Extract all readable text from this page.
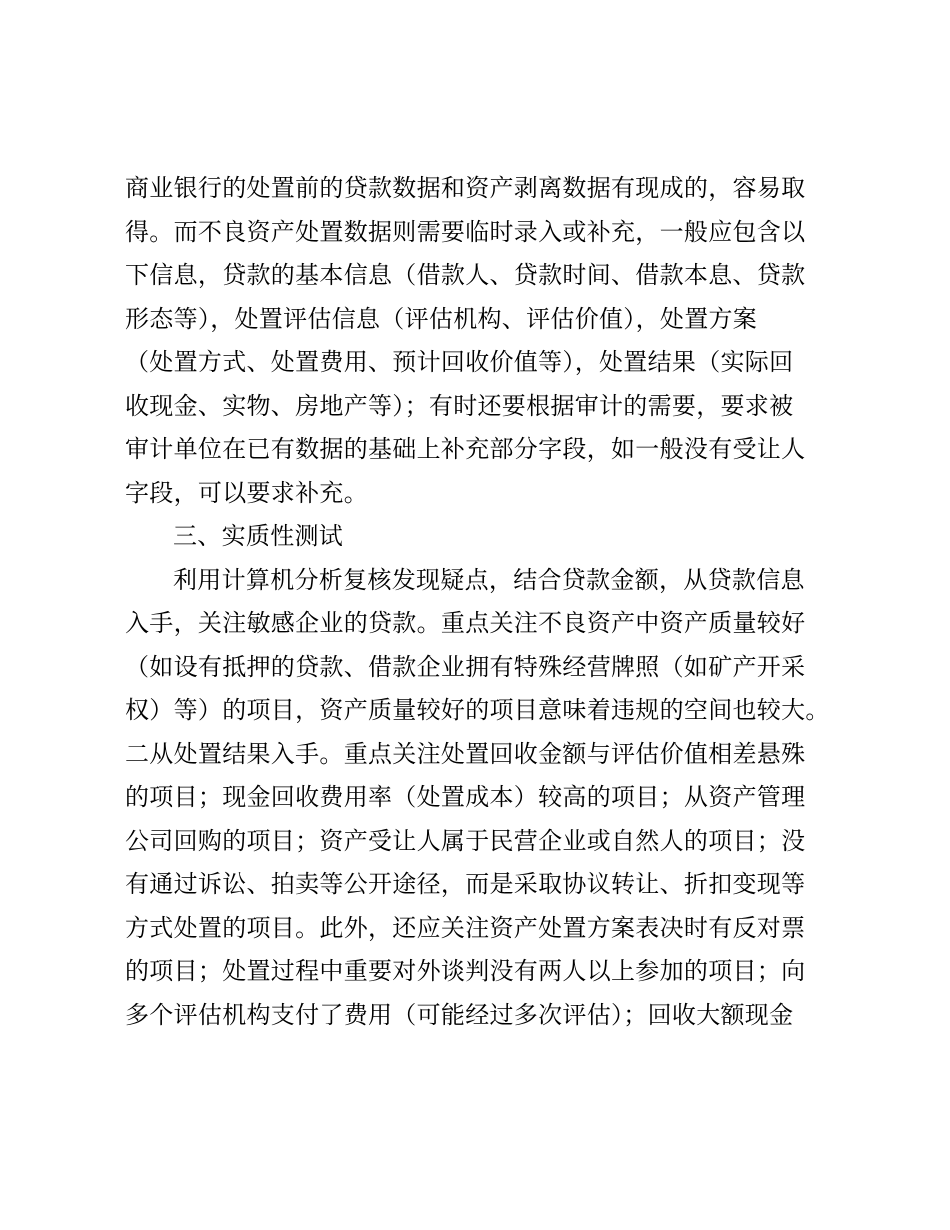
商业银行的处置前的贷款数据和资产剥离数据有现成的，容易取
得。而不良资产处置数据则需要临时录入或补充，一般应包含以
下信息，贷款的基本信息（借款人、贷款时间、借款本息、贷款
形态等），处置评估信息（评估机构、评估价值），处置方案
（处置方式、处置费用、预计回收价值等），处置结果（实际回
收现金、实物、房地产等）；有时还要根据审计的需要，要求被
审计单位在已有数据的基础上补充部分字段，如一般没有受让人
字段，可以要求补充。
三、实质性测试
利用计算机分析复核发现疑点，结合贷款金额，从贷款信息
入手，关注敏感企业的贷款。重点关注不良资产中资产质量较好
（如设有抵押的贷款、借款企业拥有特殊经营牌照（如矿产开采
权）等）的项目，资产质量较好的项目意味着违规的空间也较大。
二从处置结果入手。重点关注处置回收金额与评估价值相差悬殊
的项目；现金回收费用率（处置成本）较高的项目；从资产管理
公司回购的项目；资产受让人属于民营企业或自然人的项目；没
有通过诉讼、拍卖等公开途径，而是采取协议转让、折扣变现等
方式处置的项目。此外，还应关注资产处置方案表决时有反对票
的项目；处置过程中重要对外谈判没有两人以上参加的项目；向
多个评估机构支付了费用（可能经过多次评估）；回收大额现金
